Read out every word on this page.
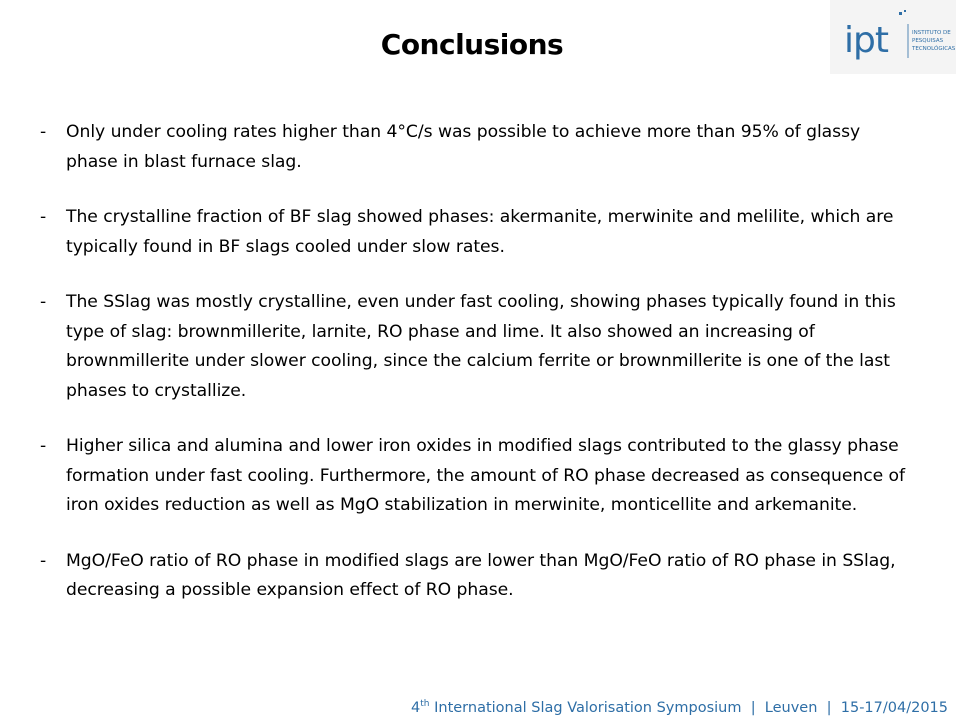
Conclusions	ipt	INSTITUTO DE
PESQUISAS
TECNOLÓGICAS
- Only under cooling rates higher than 4°C/s was possible to achieve more than 95% of glassy phase in blast furnace slag.
- The crystalline fraction of BF slag showed phases: akermanite, merwinite and melilite, which are typically found in BF slags cooled under slow rates.
- The SSlag was mostly crystalline, even under fast cooling, showing phases typically found in this type of slag: brownmillerite, larnite, RO phase and lime. It also showed an increasing of brownmillerite under slower cooling, since the calcium ferrite or brownmillerite is one of the last phases to crystallize.
- Higher silica and alumina and lower iron oxides in modified slags contributed to the glassy phase formation under fast cooling. Furthermore, the amount of RO phase decreased as consequence of iron oxides reduction as well as MgO stabilization in merwinite, monticellite and arkemanite.
- MgO/FeO ratio of RO phase in modified slags are lower than MgO/FeO ratio of RO phase in SSlag, decreasing a possible expansion effect of RO phase.
4th International Slag Valorisation Symposium  |  Leuven  |  15-17/04/2015
